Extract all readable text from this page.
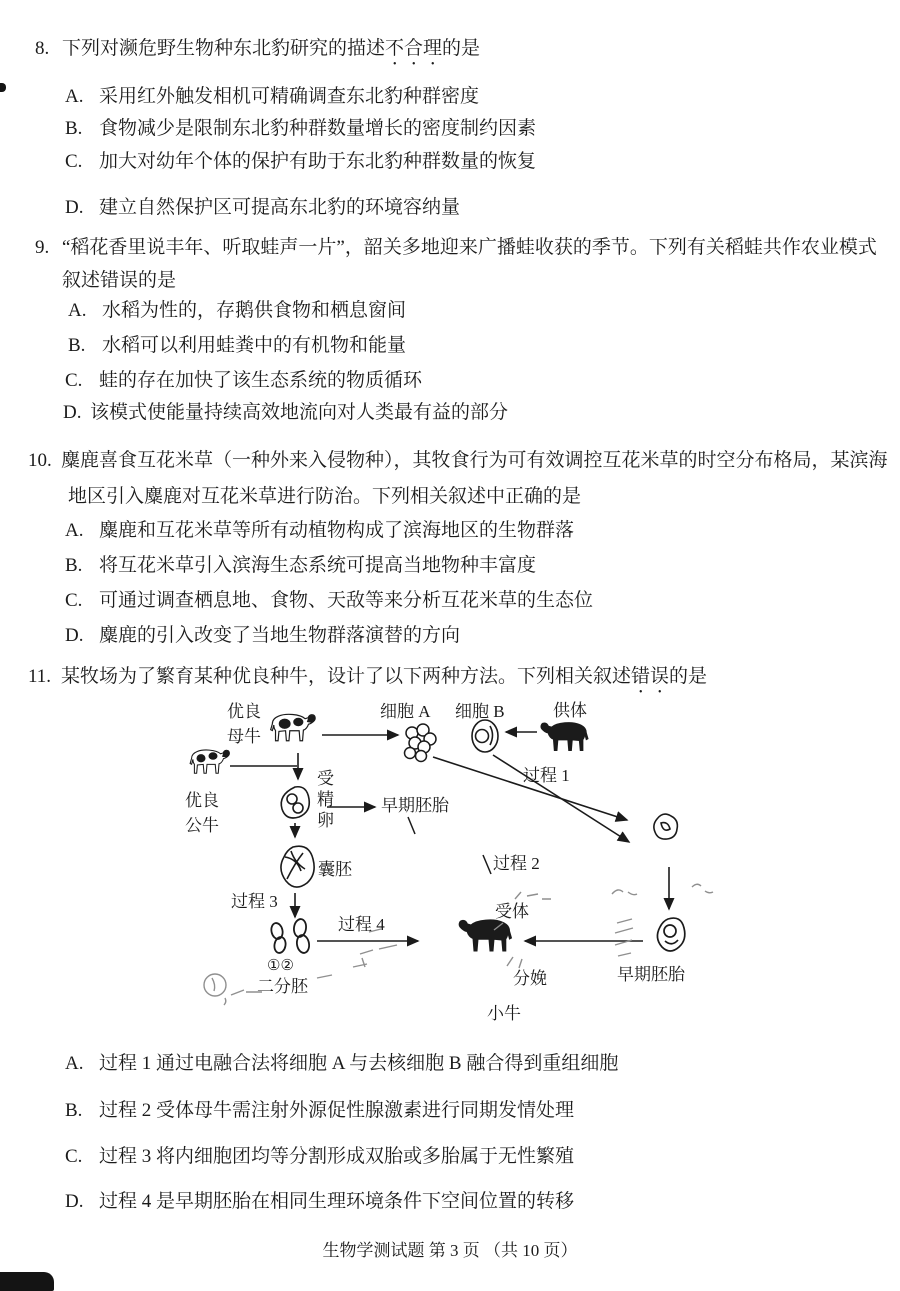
8. 下列对濒危野生物种东北豹研究的描述不合理的是
A. 采用红外触发相机可精确调查东北豹种群密度
B. 食物减少是限制东北豹种群数量增长的密度制约因素
C. 加大对幼年个体的保护有助于东北豹种群数量的恢复
D. 建立自然保护区可提高东北豹的环境容纳量
9. “稻花香里说丰年、听取蛙声一片”，韶关多地迎来广播蛙收获的季节。下列有关稻蛙共作农业模式
叙述错误的是
A. 水稻为性的，存鹅供食物和栖息窗间
B. 水稻可以利用蛙粪中的有机物和能量
C. 蛙的存在加快了该生态系统的物质循环
D. 该模式使能量持续高效地流向对人类最有益的部分
10. 麋鹿喜食互花米草（一种外来入侵物种），其牧食行为可有效调控互花米草的时空分布格局，某滨海
地区引入麋鹿对互花米草进行防治。下列相关叙述中正确的是
A. 麋鹿和互花米草等所有动植物构成了滨海地区的生物群落
B. 将互花米草引入滨海生态系统可提高当地物种丰富度
C. 可通过调查栖息地、食物、天敌等来分析互花米草的生态位
D. 麋鹿的引入改变了当地生物群落演替的方向
11. 某牧场为了繁育某种优良种牛，设计了以下两种方法。下列相关叙述错误的是
优良
母牛
细胞 A 细胞 B	供体
过程 1
优良
公牛	受精卵	早期胚胎
囊胚	过程 2
过程 3
过程 4
受体
①②
二分胚	分娩
小牛
早期胚胎
A. 过程 1 通过电融合法将细胞 A 与去核细胞 B 融合得到重组细胞
B. 过程 2 受体母牛需注射外源促性腺激素进行同期发情处理
C. 过程 3 将内细胞团均等分割形成双胎或多胎属于无性繁殖
D. 过程 4 是早期胚胎在相同生理环境条件下空间位置的转移
生物学测试题 第 3 页 （共 10 页）
